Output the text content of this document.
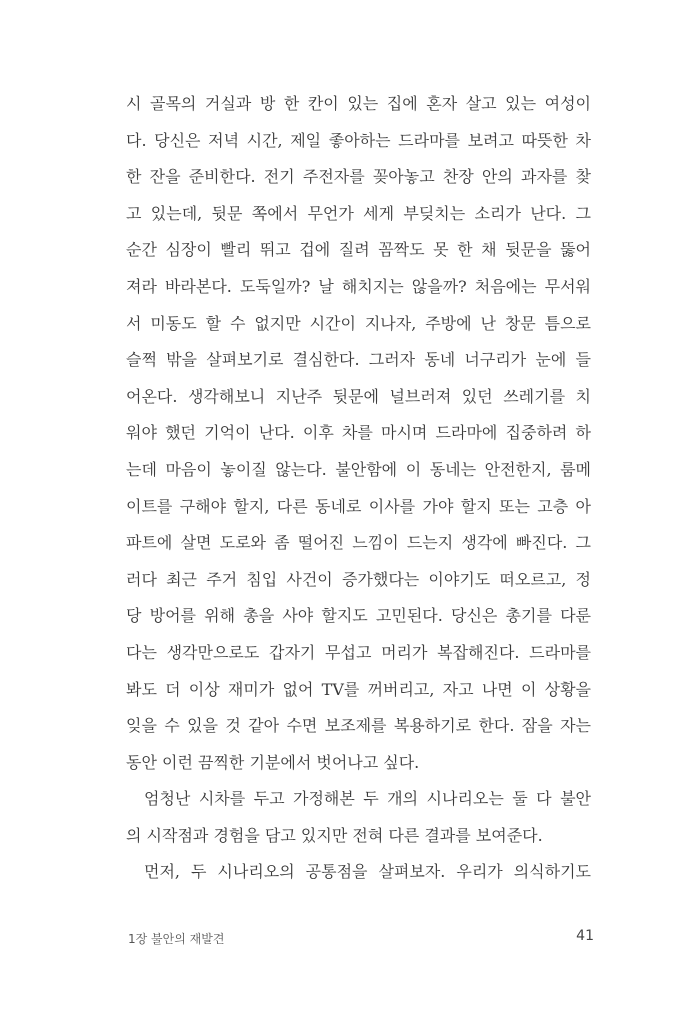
시 골목의 거실과 방 한 칸이 있는 집에 혼자 살고 있는 여성이
다. 당신은 저녁 시간, 제일 좋아하는 드라마를 보려고 따뜻한 차
한 잔을 준비한다. 전기 주전자를 꽂아놓고 찬장 안의 과자를 찾
고 있는데, 뒷문 쪽에서 무언가 세게 부딪치는 소리가 난다. 그
순간 심장이 빨리 뛰고 겁에 질려 꼼짝도 못 한 채 뒷문을 뚫어
져라 바라본다. 도둑일까? 날 해치지는 않을까? 처음에는 무서워
서 미동도 할 수 없지만 시간이 지나자, 주방에 난 창문 틈으로
슬쩍 밖을 살펴보기로 결심한다. 그러자 동네 너구리가 눈에 들
어온다. 생각해보니 지난주 뒷문에 널브러져 있던 쓰레기를 치
워야 했던 기억이 난다. 이후 차를 마시며 드라마에 집중하려 하
는데 마음이 놓이질 않는다. 불안함에 이 동네는 안전한지, 룸메
이트를 구해야 할지, 다른 동네로 이사를 가야 할지 또는 고층 아
파트에 살면 도로와 좀 떨어진 느낌이 드는지 생각에 빠진다. 그
러다 최근 주거 침입 사건이 증가했다는 이야기도 떠오르고, 정
당 방어를 위해 총을 사야 할지도 고민된다. 당신은 총기를 다룬
다는 생각만으로도 갑자기 무섭고 머리가 복잡해진다. 드라마를
봐도 더 이상 재미가 없어 TV를 꺼버리고, 자고 나면 이 상황을
잊을 수 있을 것 같아 수면 보조제를 복용하기로 한다. 잠을 자는
동안 이런 끔찍한 기분에서 벗어나고 싶다.
엄청난 시차를 두고 가정해본 두 개의 시나리오는 둘 다 불안
의 시작점과 경험을 담고 있지만 전혀 다른 결과를 보여준다.
먼저, 두 시나리오의 공통점을 살펴보자. 우리가 의식하기도
1장 불안의 재발견	41
